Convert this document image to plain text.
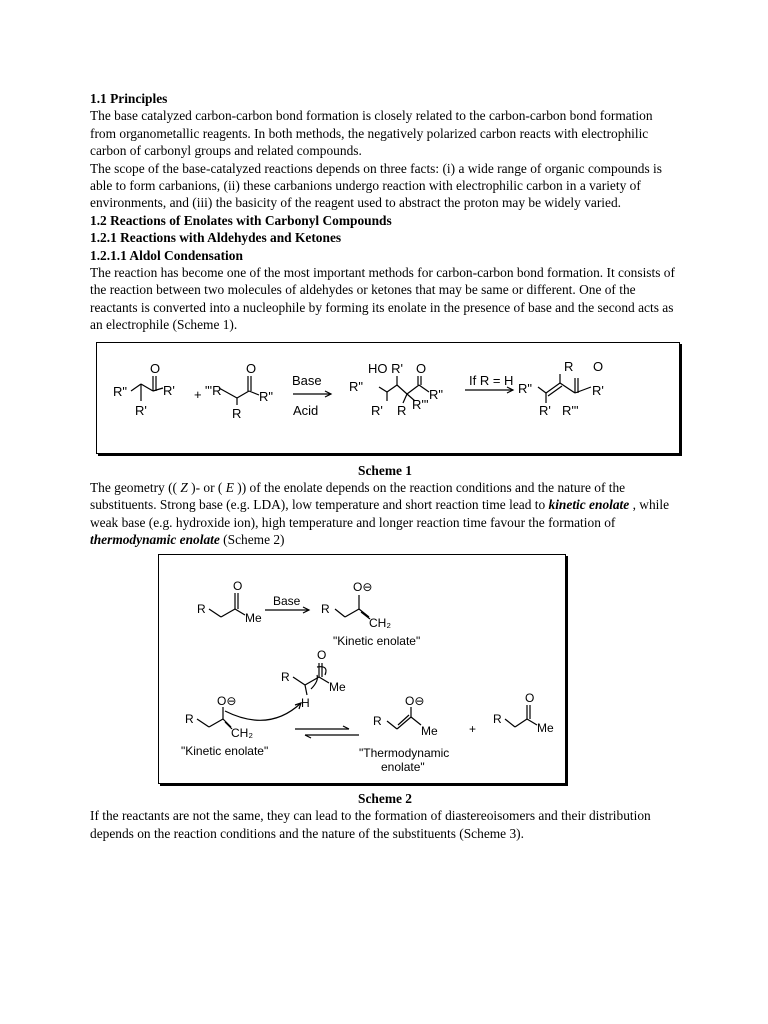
1.1 Principles

The base catalyzed carbon-carbon bond formation is closely related to the carbon-carbon bond formation from organometallic reagents. In both methods, the negatively polarized carbon reacts with electrophilic carbon of carbonyl groups and related compounds.

The scope of the base-catalyzed reactions depends on three facts: (i) a wide range of organic compounds is able to form carbanions, (ii) these carbanions undergo reaction with electrophilic carbon in a variety of environments, and (iii) the basicity of the reagent used to abstract the proton may be widely varied.

1.2 Reactions of Enolates with Carbonyl Compounds

1.2.1 Reactions with Aldehydes and Ketones

1.2.1.1 Aldol Condensation

The reaction has become one of the most important methods for carbon-carbon bond formation. It consists of the reaction between two molecules of aldehydes or ketones that may be same or different. One of the reactants is converted into a nucleophile by forming its enolate in the presence of base and the second acts as an electrophile (Scheme 1).

R"
O
R'
R'
+ "'R
O
R"
R
Base
Acid
HO R' O
R"
R"
R' R R'"
If R = H
R O
R"	R'
R' R'"

Scheme 1

The geometry (( Z )- or ( E )) of the enolate depends on the reaction conditions and the nature of the substituents. Strong base (e.g. LDA), low temperature and short reaction time lead to kinetic enolate , while weak base (e.g. hydroxide ion), high temperature and longer reaction time favour the formation of thermodynamic enolate (Scheme 2)

R
O
Me
Base
R
O⊖
CH₂
"Kinetic enolate"
R
O
Me
H
R
O⊖
CH₂
"Kinetic enolate"
R
O⊖
Me
"Thermodynamic
enolate"
+
R
O
Me

Scheme 2

If the reactants are not the same, they can lead to the formation of diastereoisomers and their distribution depends on the reaction conditions and the nature of the substituents (Scheme 3).
